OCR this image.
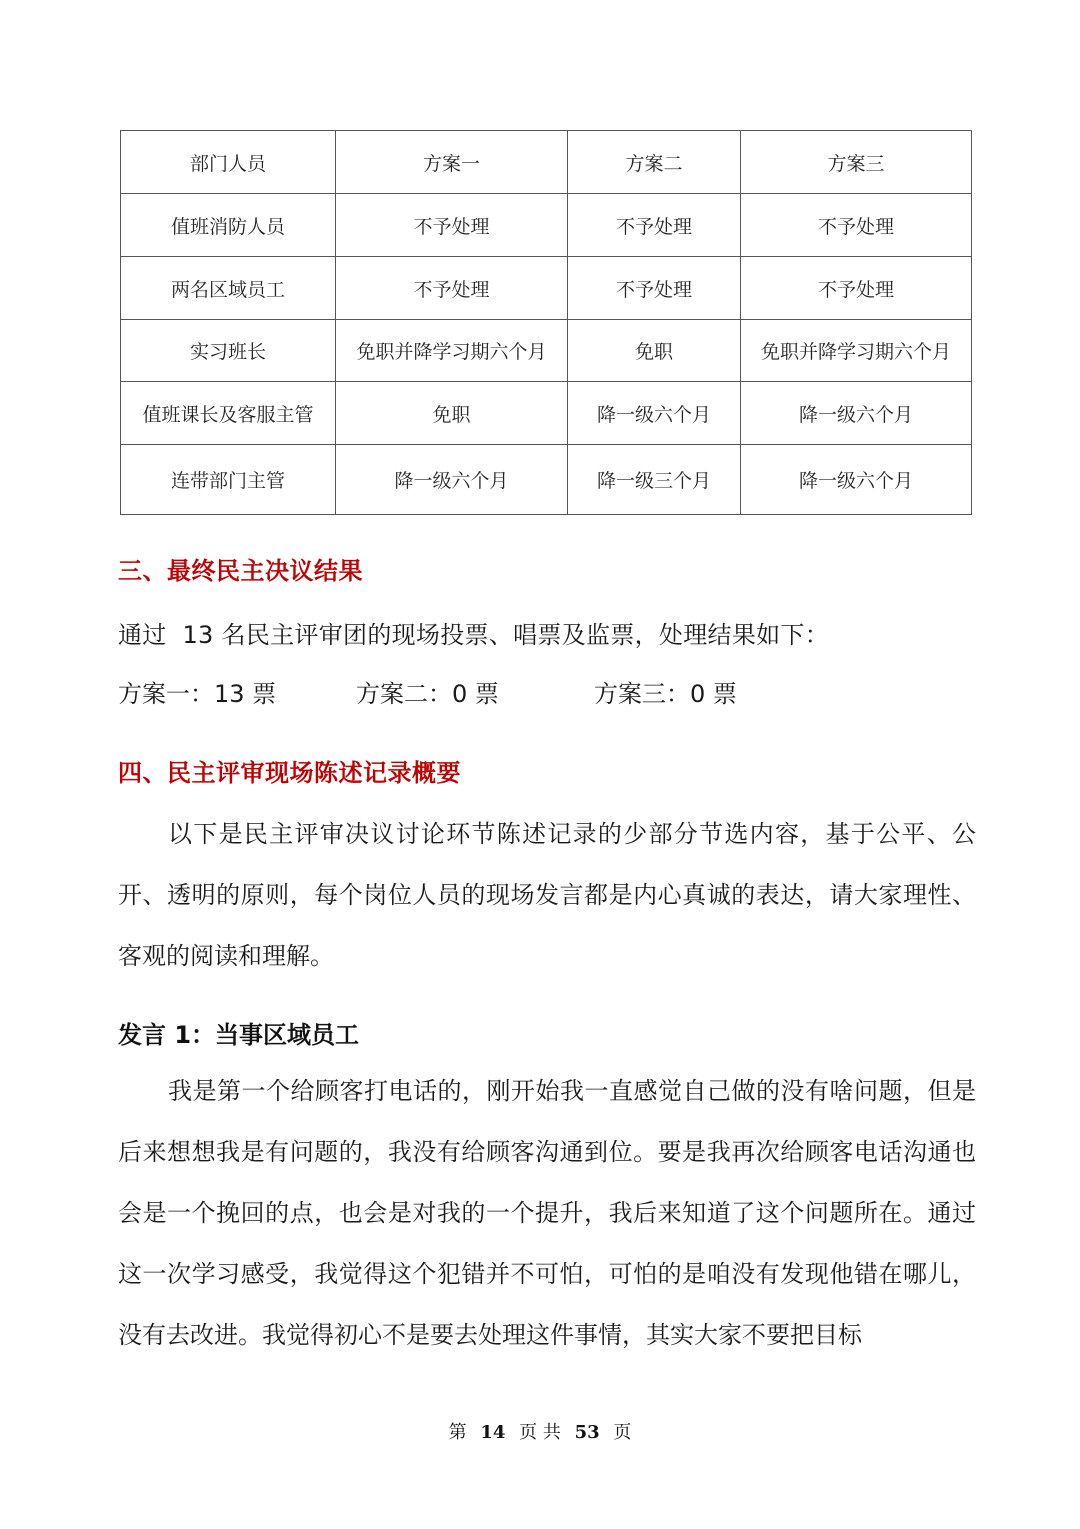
部门人员	方案一	方案二	方案三
值班消防人员	不予处理	不予处理	不予处理
两名区域员工	不予处理	不予处理	不予处理
实习班长	免职并降学习期六个月	免职	免职并降学习期六个月
值班课长及客服主管	免职	降一级六个月	降一级六个月
连带部门主管	降一级六个月	降一级三个月	降一级六个月
三、最终民主决议结果
通过  13 名民主评审团的现场投票、唱票及监票，处理结果如下：
方案一：13 票	方案二：0 票	方案三：0 票
四、民主评审现场陈述记录概要

以下是民主评审决议讨论环节陈述记录的少部分节选内容，基于公平、公开、透明的原则，每个岗位人员的现场发言都是内心真诚的表达，请大家理性、客观的阅读和理解。

发言 1：当事区域员工

我是第一个给顾客打电话的，刚开始我一直感觉自己做的没有啥问题，但是后来想想我是有问题的，我没有给顾客沟通到位。要是我再次给顾客电话沟通也会是一个挽回的点，也会是对我的一个提升，我后来知道了这个问题所在。通过这一次学习感受，我觉得这个犯错并不可怕，可怕的是咱没有发现他错在哪儿，没有去改进。我觉得初心不是要去处理这件事情，其实大家不要把目标

第 14 页 共 53 页
